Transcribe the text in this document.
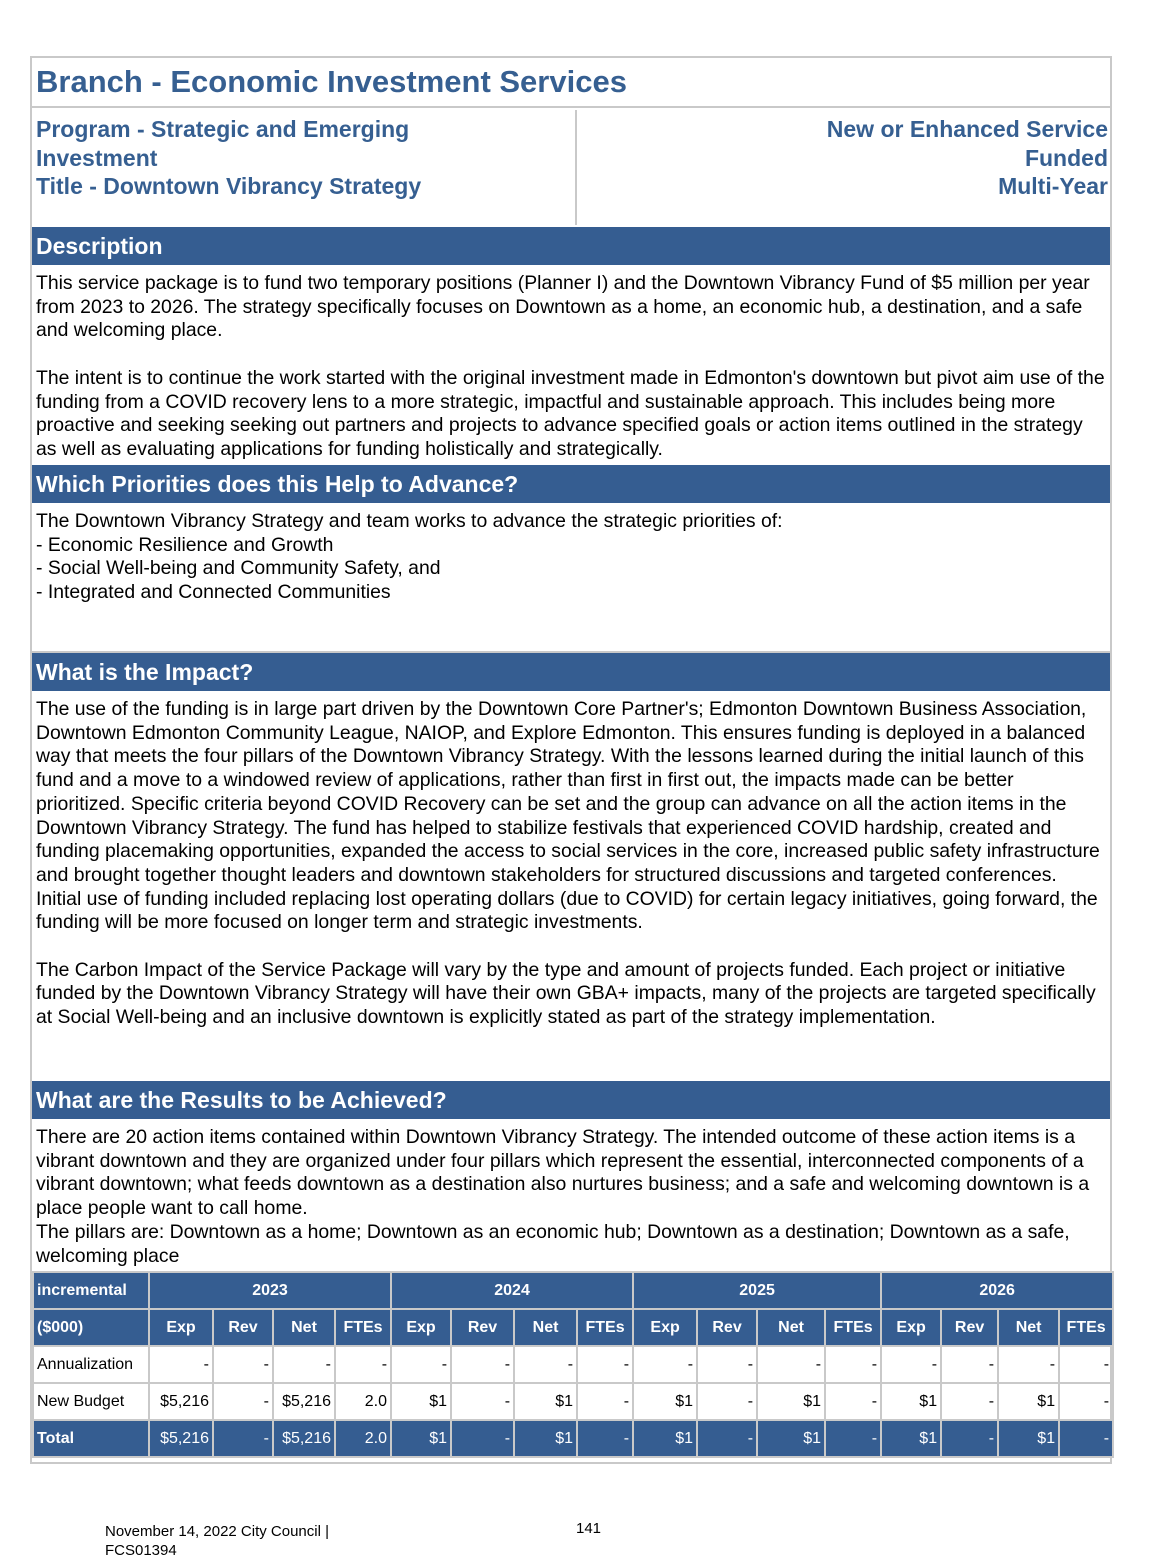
Branch - Economic Investment Services
Program - Strategic and Emerging
Investment
Title - Downtown Vibrancy Strategy
New or Enhanced Service
Funded
Multi-Year
Description

This service package is to fund two temporary positions (Planner I) and the Downtown Vibrancy Fund of $5 million per year from 2023 to 2026. The strategy specifically focuses on Downtown as a home, an economic hub, a destination, and a safe and welcoming place.

The intent is to continue the work started with the original investment made in Edmonton's downtown but pivot aim use of the funding from a COVID recovery lens to a more strategic, impactful and sustainable approach. This includes being more proactive and seeking seeking out partners and projects to advance specified goals or action items outlined in the strategy as well as evaluating applications for funding holistically and strategically.

Which Priorities does this Help to Advance?
The Downtown Vibrancy Strategy and team works to advance the strategic priorities of:
- Economic Resilience and Growth
- Social Well-being and Community Safety, and
- Integrated and Connected Communities
What is the Impact?

The use of the funding is in large part driven by the Downtown Core Partner's; Edmonton Downtown Business Association, Downtown Edmonton Community League, NAIOP, and Explore Edmonton. This ensures funding is deployed in a balanced way that meets the four pillars of the Downtown Vibrancy Strategy. With the lessons learned during the initial launch of this fund and a move to a windowed review of applications, rather than first in first out, the impacts made can be better prioritized. Specific criteria beyond COVID Recovery can be set and the group can advance on all the action items in the Downtown Vibrancy Strategy. The fund has helped to stabilize festivals that experienced COVID hardship, created and funding placemaking opportunities, expanded the access to social services in the core, increased public safety infrastructure and brought together thought leaders and downtown stakeholders for structured discussions and targeted conferences. Initial use of funding included replacing lost operating dollars (due to COVID) for certain legacy initiatives, going forward, the funding will be more focused on longer term and strategic investments.

The Carbon Impact of the Service Package will vary by the type and amount of projects funded. Each project or initiative funded by the Downtown Vibrancy Strategy will have their own GBA+ impacts, many of the projects are targeted specifically at Social Well-being and an inclusive downtown is explicitly stated as part of the strategy implementation.

What are the Results to be Achieved?
There are 20 action items contained within Downtown Vibrancy Strategy. The intended outcome of these action items is a vibrant downtown and they are organized under four pillars which represent the essential, interconnected components of a vibrant downtown; what feeds downtown as a destination also nurtures business; and a safe and welcoming downtown is a place people want to call home.
The pillars are: Downtown as a home; Downtown as an economic hub; Downtown as a destination; Downtown as a safe, welcoming place
incremental	2023				2024				2025				2026			
($000)	Exp	Rev	Net	FTEs	Exp	Rev	Net	FTEs	Exp	Rev	Net	FTEs	Exp	Rev	Net	FTEs
Annualization	-	-	-	-	-	-	-	-	-	-	-	-	-	-	-	-
New Budget	$5,216	-	$5,216	2.0	$1	-	$1	-	$1	-	$1	-	$1	-	$1	-
Total	$5,216	-	$5,216	2.0	$1	-	$1	-	$1	-	$1	-	$1	-	$1	-
November 14, 2022 City Council |
FCS01394
141
